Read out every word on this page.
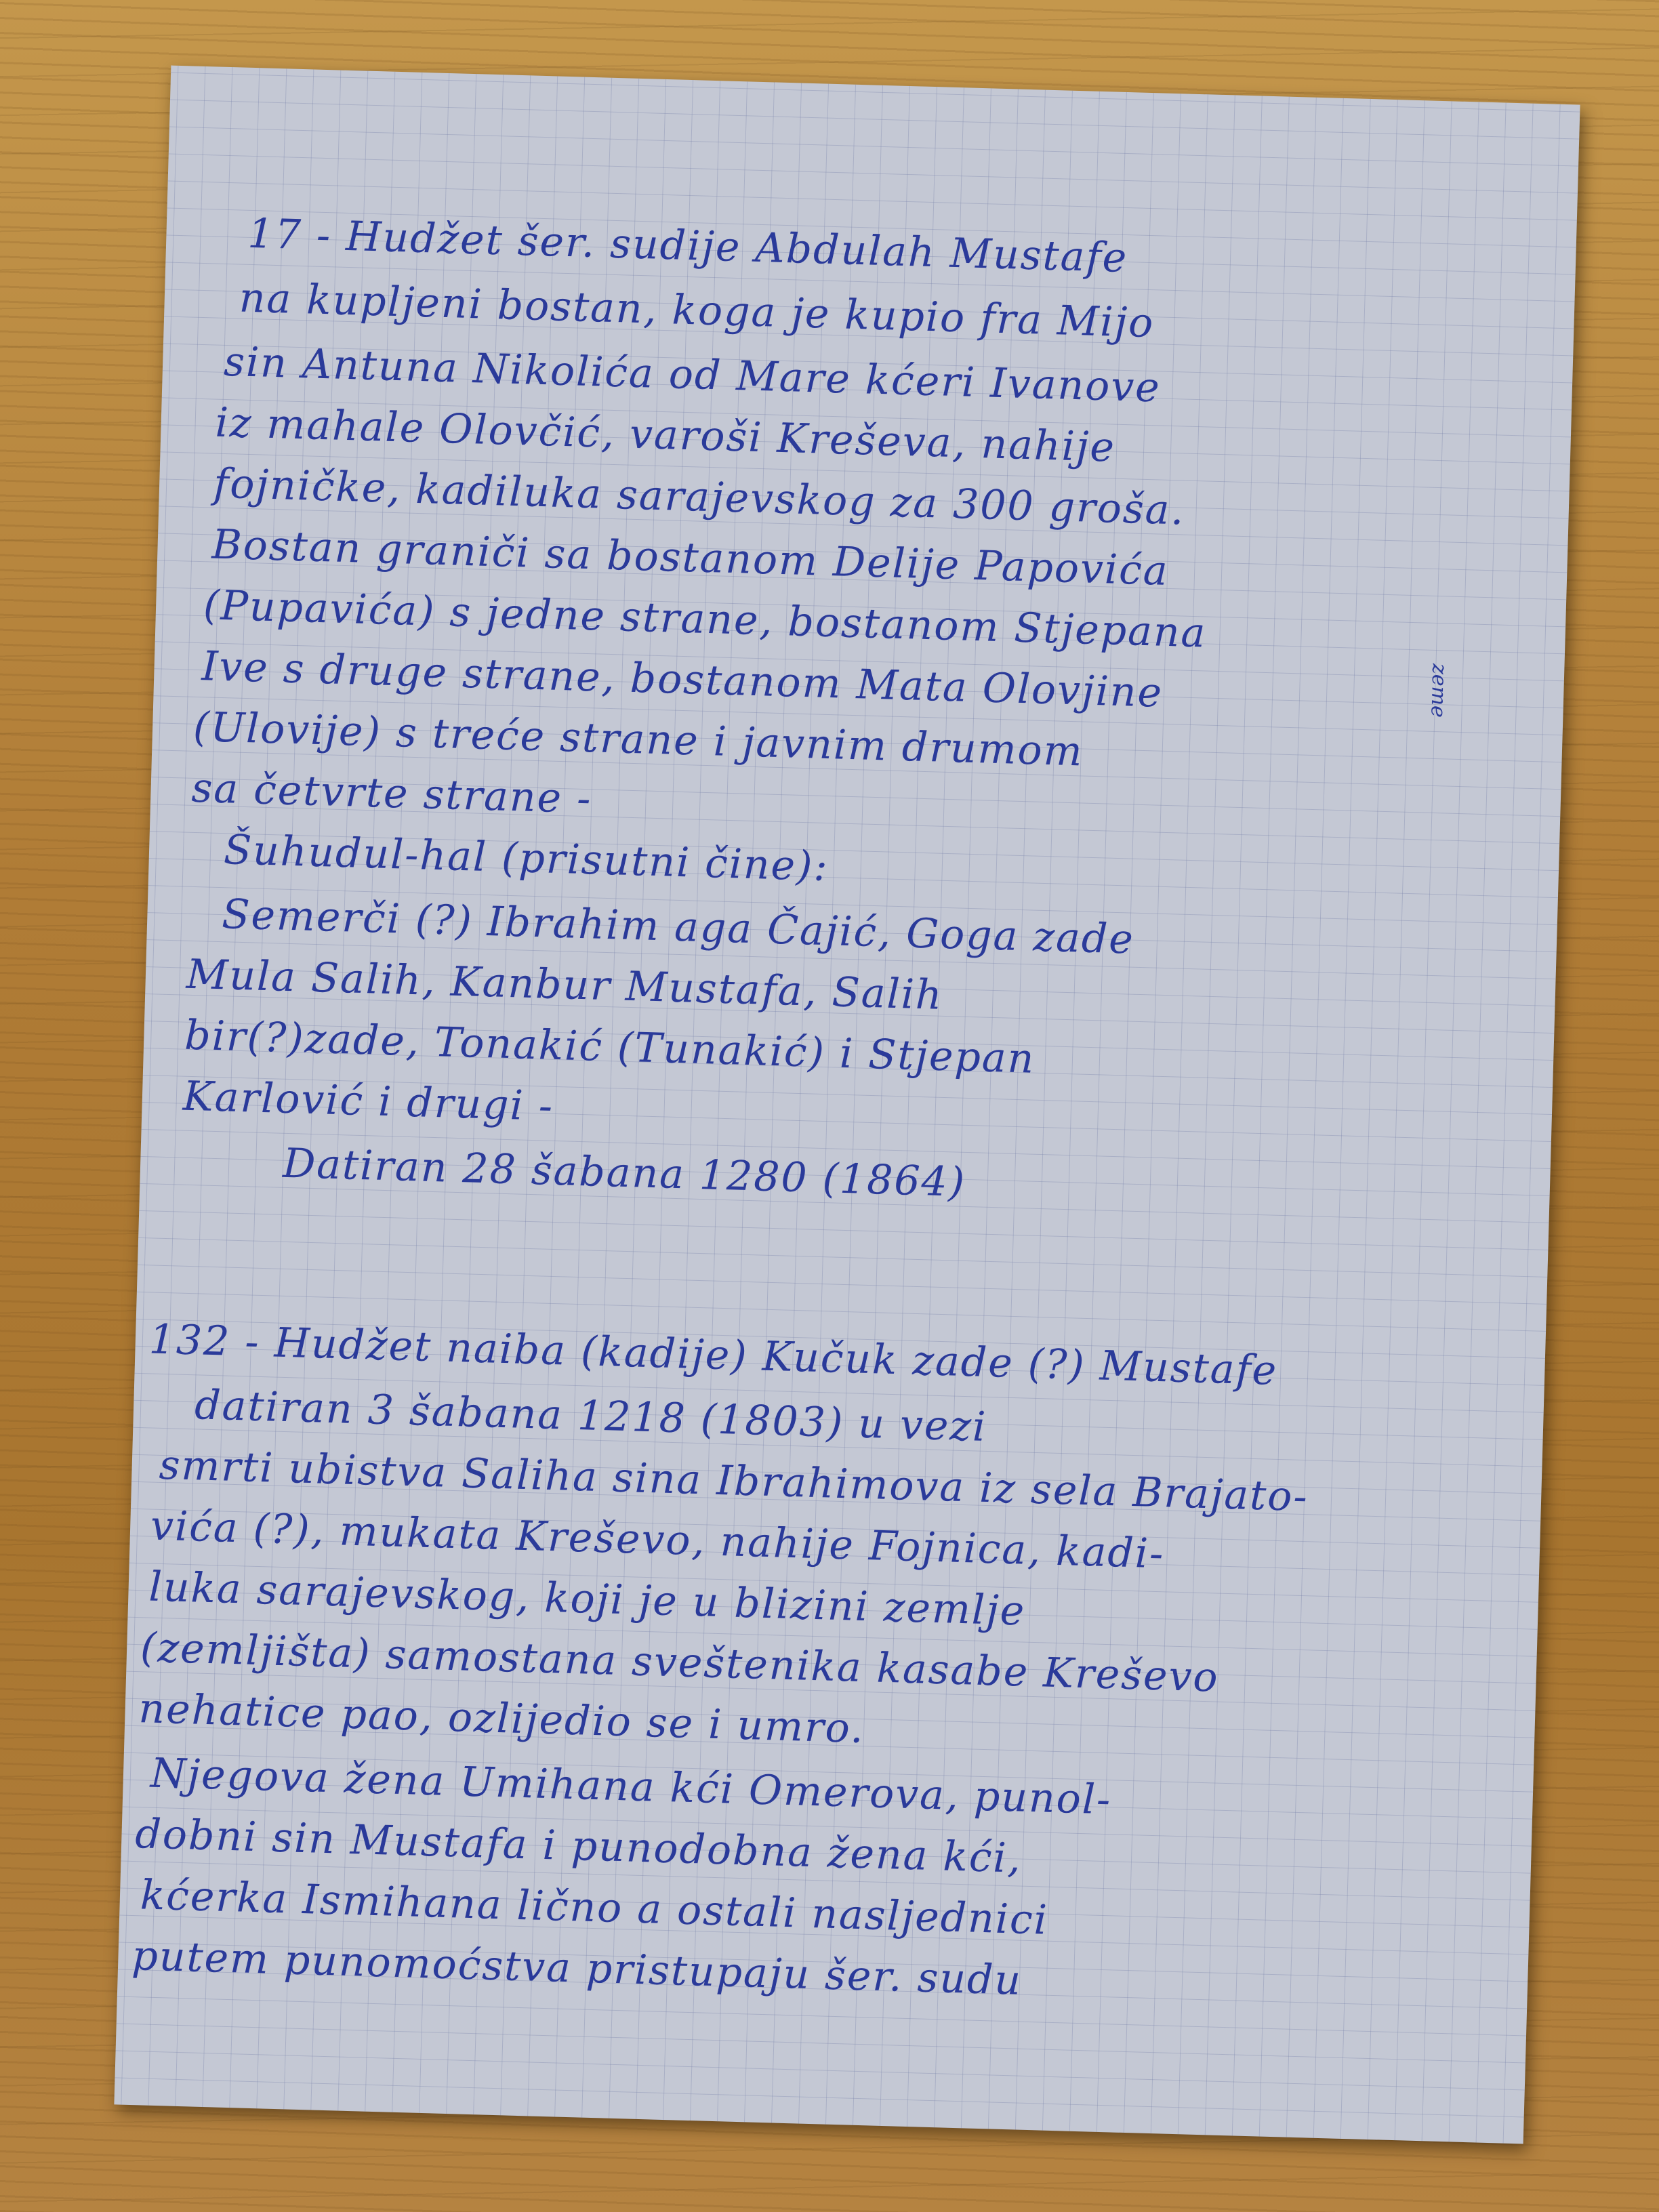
17 - Hudžet šer. sudije Abdulah Mustafe
na kupljeni bostan, koga je kupio fra Mijo
sin Antuna Nikolića od Mare kćeri Ivanove
iz mahale Olovčić, varoši Kreševa, nahije
fojničke, kadiluka sarajevskog za 300 groša.
Bostan graniči sa bostanom Delije Papovića
(Pupavića) s jedne strane, bostanom Stjepana
Ive s druge strane, bostanom Mata Olovjine	zeme
(Ulovije) s treće strane i javnim drumom
sa četvrte strane -
Šuhudul-hal (prisutni čine):
Semerči (?) Ibrahim aga Čajić, Goga zade
Mula Salih, Kanbur Mustafa, Salih
bir(?)zade, Tonakić (Tunakić) i Stjepan
Karlović i drugi -
Datiran 28 šabana 1280 (1864)
132 - Hudžet naiba (kadije) Kučuk zade (?) Mustafe
datiran 3 šabana 1218 (1803) u vezi
smrti ubistva Saliha sina Ibrahimova iz sela Brajato-
vića (?), mukata Kreševo, nahije Fojnica, kadi-
luka sarajevskog, koji je u blizini zemlje
(zemljišta) samostana sveštenika kasabe Kreševo
nehatice pao, ozlijedio se i umro.
Njegova žena Umihana kći Omerova, punol-
dobni sin Mustafa i punodobna žena kći,
kćerka Ismihana lično a ostali nasljednici
putem punomoćstva pristupaju šer. sudu
